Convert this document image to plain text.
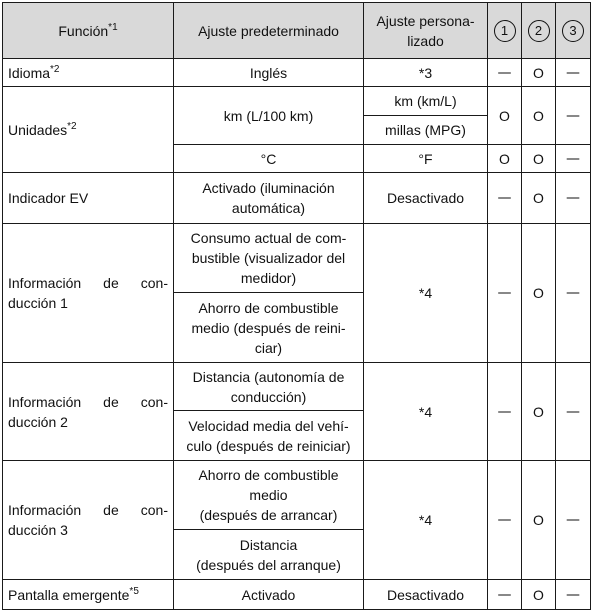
Función$^{*1}$	Ajuste predeterminado	Ajuste persona-
lizado	1	2	3
Idioma$^{*2}$	Inglés	*3	—	O	—
Unidades$^{*2}$	km (L/100 km)	km (km/L)	O	O	—
		millas (MPG)			
	°C	°F	O	O	—
Indicador EV	Activado (iluminación
automática)	Desactivado	—	O	—
Información de con-
ducción 1	Consumo actual de com-
bustible (visualizador del
medidor)	*4	—	O	—
	Ahorro de combustible
medio (después de reini-
ciar)				
Información de con-
ducción 2	Distancia (autonomía de
conducción)	*4	—	O	—
	Velocidad media del vehí-
culo (después de reiniciar)				
Información de con-
ducción 3	Ahorro de combustible
medio
(después de arrancar)	*4	—	O	—
	Distancia
(después del arranque)				
Pantalla emergente$^{*5}$	Activado	Desactivado	—	O	—
